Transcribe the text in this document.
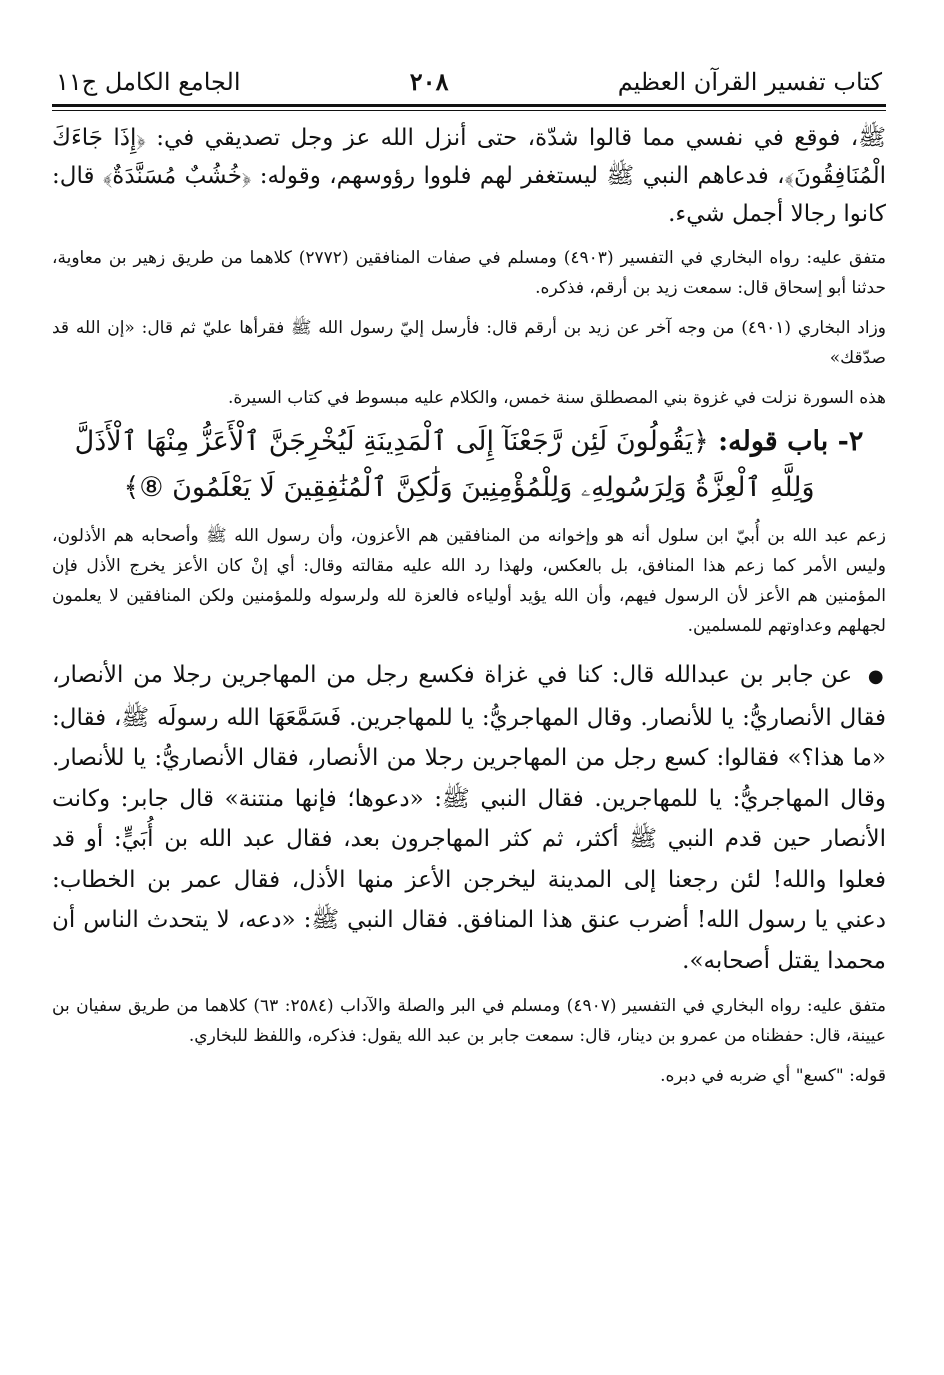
كتاب تفسير القرآن العظيم
٢٠٨
الجامع الكامل ج١١

ﷺ، فوقع في نفسي مما قالوا شدّة، حتى أنزل الله عز وجل تصديقي في: ﴿إِذَا جَاءَكَ الْمُنَافِقُونَ﴾، فدعاهم النبي ﷺ ليستغفر لهم فلووا رؤوسهم، وقوله: ﴿خُشُبٌ مُسَنَّدَةٌ﴾ قال: كانوا رجالا أجمل شيء.

متفق عليه: رواه البخاري في التفسير (٤٩٠٣) ومسلم في صفات المنافقين (٢٧٧٢) كلاهما من طريق زهير بن معاوية، حدثنا أبو إسحاق قال: سمعت زيد بن أرقم، فذكره.

وزاد البخاري (٤٩٠١) من وجه آخر عن زيد بن أرقم قال: فأرسل إليّ رسول الله ﷺ فقرأها عليّ ثم قال: «إن الله قد صدّقك»

هذه السورة نزلت في غزوة بني المصطلق سنة خمس، والكلام عليه مبسوط في كتاب السيرة.

٢- باب قوله: ﴿يَقُولُونَ لَئِن رَّجَعْنَآ إِلَى ٱلْمَدِينَةِ لَيُخْرِجَنَّ ٱلْأَعَزُّ مِنْهَا ٱلْأَذَلَّ وَلِلَّهِ ٱلْعِزَّةُ وَلِرَسُولِهِۦ وَلِلْمُؤْمِنِينَ وَلَٰكِنَّ ٱلْمُنَٰفِقِينَ لَا يَعْلَمُونَ ⑧﴾

زعم عبد الله بن أُبيّ ابن سلول أنه هو وإخوانه من المنافقين هم الأعزون، وأن رسول الله ﷺ وأصحابه هم الأذلون، وليس الأمر كما زعم هذا المنافق، بل بالعكس، ولهذا رد الله عليه مقالته وقال: أي إنْ كان الأعز يخرج الأذل فإن المؤمنين هم الأعز لأن الرسول فيهم، وأن الله يؤيد أولياءه فالعزة لله ولرسوله وللمؤمنين ولكن المنافقين لا يعلمون لجهلهم وعداوتهم للمسلمين.

● عن جابر بن عبدالله قال: كنا في غزاة فكسع رجل من المهاجرين رجلا من الأنصار، فقال الأنصاريُّ: يا للأنصار. وقال المهاجريُّ: يا للمهاجرين. فَسَمَّعَهَا الله رسولَه ﷺ، فقال: «ما هذا؟» فقالوا: كسع رجل من المهاجرين رجلا من الأنصار، فقال الأنصاريُّ: يا للأنصار. وقال المهاجريُّ: يا للمهاجرين. فقال النبي ﷺ: «دعوها؛ فإنها منتنة» قال جابر: وكانت الأنصار حين قدم النبي ﷺ أكثر، ثم كثر المهاجرون بعد، فقال عبد الله بن أُبَيٍّ: أو قد فعلوا والله! لئن رجعنا إلى المدينة ليخرجن الأعز منها الأذل، فقال عمر بن الخطاب: دعني يا رسول الله! أضرب عنق هذا المنافق. فقال النبي ﷺ: «دعه، لا يتحدث الناس أن محمدا يقتل أصحابه».

متفق عليه: رواه البخاري في التفسير (٤٩٠٧) ومسلم في البر والصلة والآداب (٢٥٨٤: ٦٣) كلاهما من طريق سفيان بن عيينة، قال: حفظناه من عمرو بن دينار، قال: سمعت جابر بن عبد الله يقول: فذكره، واللفظ للبخاري.

قوله: "كسع" أي ضربه في دبره.
